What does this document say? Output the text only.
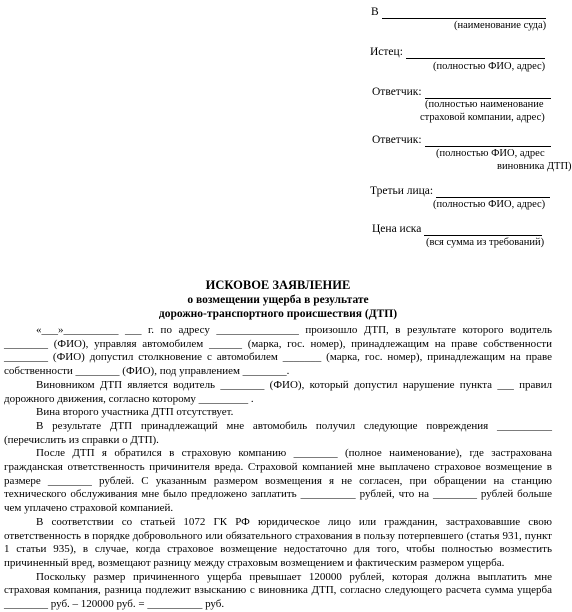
В
(наименование суда)
Истец:
(полностью ФИО, адрес)
Ответчик:
(полностью наименование
страховой компании, адрес)
Ответчик:
(полностью ФИО, адрес
виновника ДТП)
Третьи лица:
(полностью ФИО, адрес)
Цена иска
(вся сумма из требований)
ИСКОВОЕ ЗАЯВЛЕНИЕ
о возмещении ущерба в результате
дорожно-транспортного происшествия (ДТП)

«___»__________ ___ г. по адресу _______________ произошло ДТП, в результате которого водитель ________ (ФИО), управляя автомобилем ______ (марка, гос. номер), принадлежащим на праве собственности ________ (ФИО) допустил столкновение с автомобилем _______ (марка, гос. номер), принадлежащим на праве собственности ________ (ФИО), под управлением ________.

Виновником ДТП является водитель ________ (ФИО), который допустил нарушение пункта ___ правил дорожного движения, согласно которому _________ .

Вина второго участника ДТП отсутствует.

В результате ДТП принадлежащий мне автомобиль получил следующие повреждения __________ (перечислить из справки о ДТП).

После ДТП я обратился в страховую компанию ________ (полное наименование), где застрахована гражданская ответственность причинителя вреда. Страховой компанией мне выплачено страховое возмещение в размере ________ рублей. С указанным размером возмещения я не согласен, при обращении на станцию технического обслуживания мне было предложено заплатить __________ рублей, что на ________ рублей больше чем уплачено страховой компанией.

В соответствии со статьей 1072 ГК РФ юридическое лицо или гражданин, застраховавшие свою ответственность в порядке добровольного или обязательного страхования в пользу потерпевшего (статья 931, пункт 1 статьи 935), в случае, когда страховое возмещение недостаточно для того, чтобы полностью возместить причиненный вред, возмещают разницу между страховым возмещением и фактическим размером ущерба.

Поскольку размер причиненного ущерба превышает 120000 рублей, которая должна выплатить мне страховая компания, разница подлежит взысканию с виновника ДТП, согласно следующего расчета сумма ущерба ________ руб. – 120000 руб. = __________ руб.
